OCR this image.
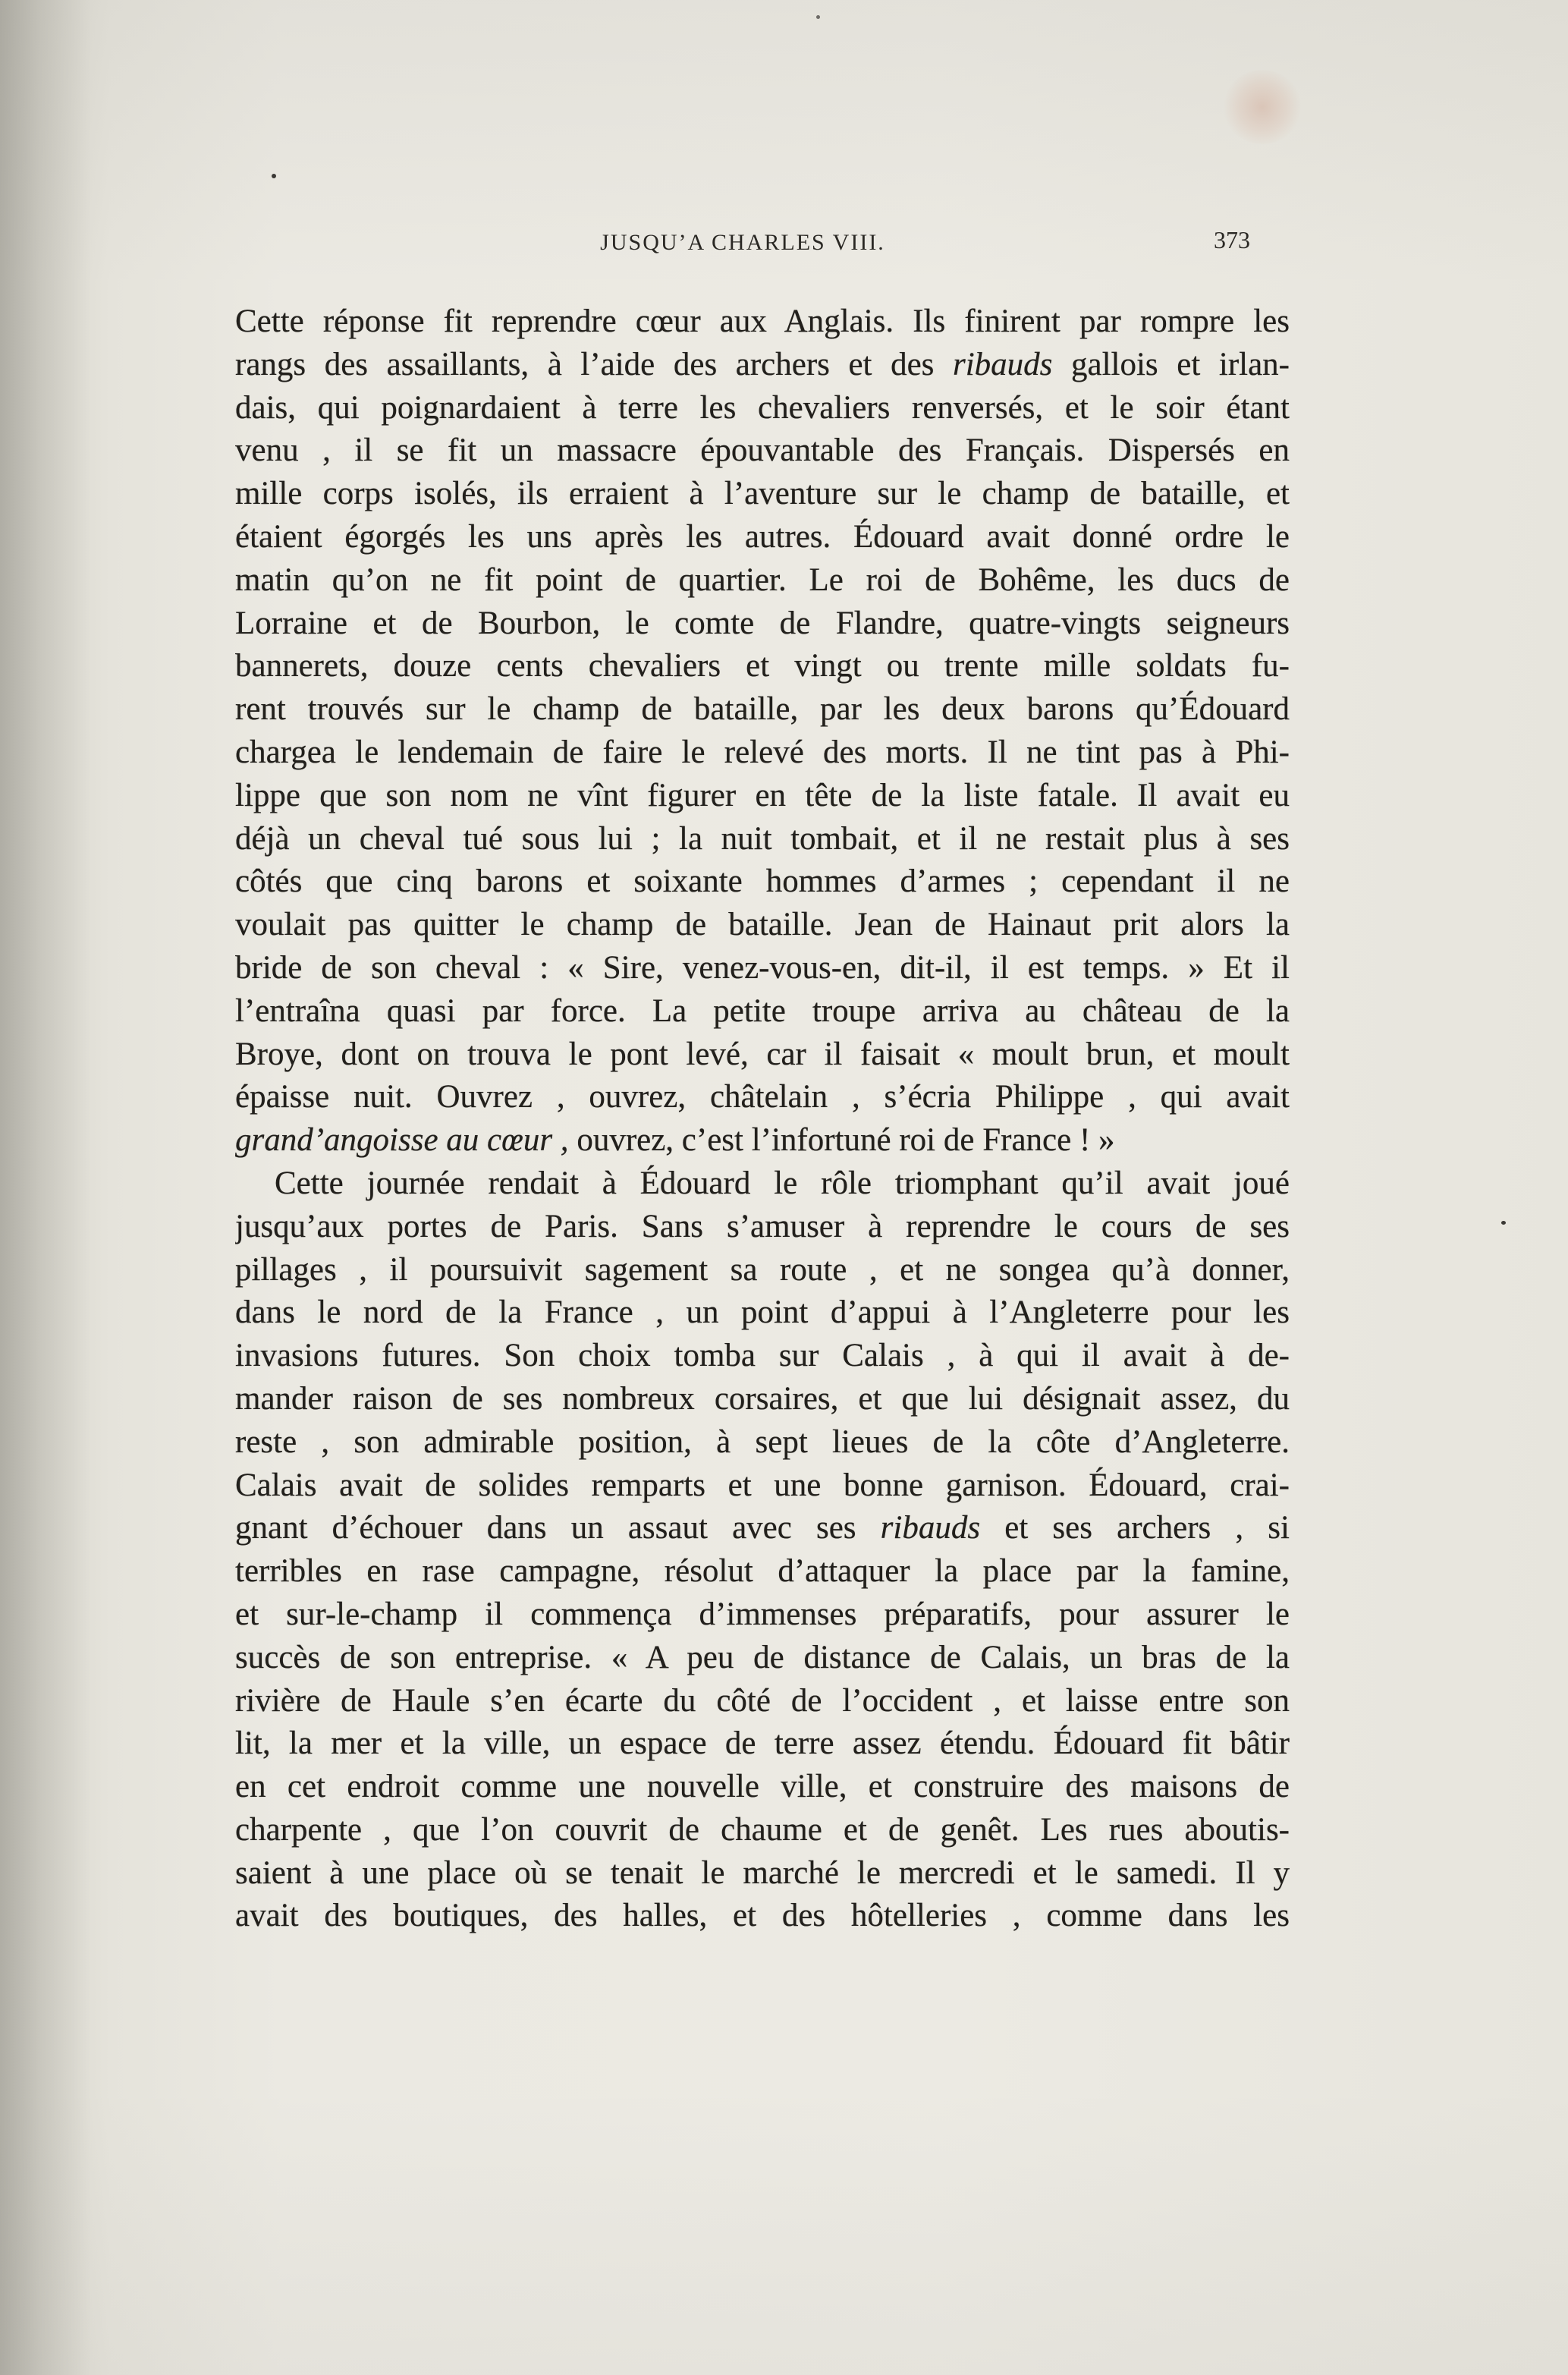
JUSQU’A CHARLES VIII.	373
Cette réponse fit reprendre cœur aux Anglais. Ils finirent par rompre les
rangs des assaillants, à l’aide des archers et des ribauds gallois et irlan-
dais, qui poignardaient à terre les chevaliers renversés, et le soir étant
venu , il se fit un massacre épouvantable des Français. Dispersés en
mille corps isolés, ils erraient à l’aventure sur le champ de bataille, et
étaient égorgés les uns après les autres. Édouard avait donné ordre le
matin qu’on ne fit point de quartier. Le roi de Bohême, les ducs de
Lorraine et de Bourbon, le comte de Flandre, quatre-vingts seigneurs
bannerets, douze cents chevaliers et vingt ou trente mille soldats fu-
rent trouvés sur le champ de bataille, par les deux barons qu’Édouard
chargea le lendemain de faire le relevé des morts. Il ne tint pas à Phi-
lippe que son nom ne vînt figurer en tête de la liste fatale. Il avait eu
déjà un cheval tué sous lui ; la nuit tombait, et il ne restait plus à ses
côtés que cinq barons et soixante hommes d’armes ; cependant il ne
voulait pas quitter le champ de bataille. Jean de Hainaut prit alors la
bride de son cheval : « Sire, venez-vous-en, dit-il, il est temps. » Et il
l’entraîna quasi par force. La petite troupe arriva au château de la
Broye, dont on trouva le pont levé, car il faisait « moult brun, et moult
épaisse nuit. Ouvrez , ouvrez, châtelain , s’écria Philippe , qui avait
grand’angoisse au cœur , ouvrez, c’est l’infortuné roi de France ! »
Cette journée rendait à Édouard le rôle triomphant qu’il avait joué
jusqu’aux portes de Paris. Sans s’amuser à reprendre le cours de ses
pillages , il poursuivit sagement sa route , et ne songea qu’à donner,
dans le nord de la France , un point d’appui à l’Angleterre pour les
invasions futures. Son choix tomba sur Calais , à qui il avait à de-
mander raison de ses nombreux corsaires, et que lui désignait assez, du
reste , son admirable position, à sept lieues de la côte d’Angleterre.
Calais avait de solides remparts et une bonne garnison. Édouard, crai-
gnant d’échouer dans un assaut avec ses ribauds et ses archers , si
terribles en rase campagne, résolut d’attaquer la place par la famine,
et sur-le-champ il commença d’immenses préparatifs, pour assurer le
succès de son entreprise. « A peu de distance de Calais, un bras de la
rivière de Haule s’en écarte du côté de l’occident , et laisse entre son
lit, la mer et la ville, un espace de terre assez étendu. Édouard fit bâtir
en cet endroit comme une nouvelle ville, et construire des maisons de
charpente , que l’on couvrit de chaume et de genêt. Les rues aboutis-
saient à une place où se tenait le marché le mercredi et le samedi. Il y
avait des boutiques, des halles, et des hôtelleries , comme dans les
